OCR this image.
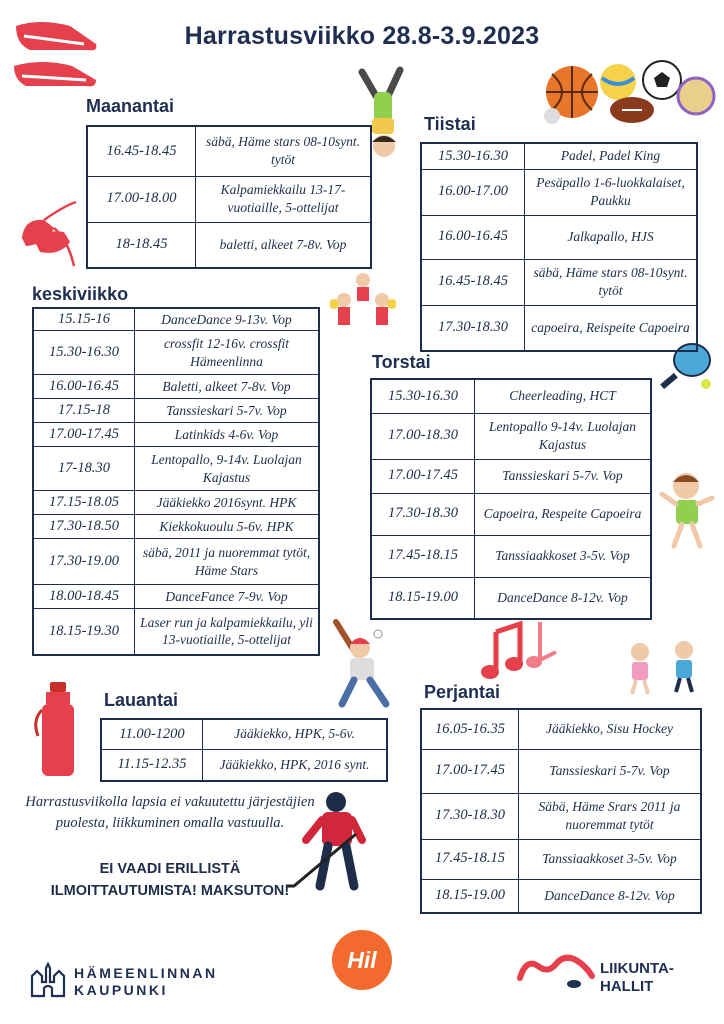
Harrastusviikko 28.8-3.9.2023
Maanantai
16.45-18.45	säbä, Häme stars 08-10synt. tytöt
17.00-18.00	Kalpamiekkailu 13-17-vuotiaille, 5-ottelijat
18-18.45	baletti, alkeet 7-8v. Vop
Tiistai
15.30-16.30	Padel, Padel King
16.00-17.00	Pesäpallo 1-6-luokkalaiset, Paukku
16.00-16.45	Jalkapallo, HJS
16.45-18.45	säbä, Häme stars 08-10synt. tytöt
17.30-18.30	capoeira, Reispeite Capoeira
keskiviikko
15.15-16	DanceDance 9-13v. Vop
15.30-16.30	crossfit 12-16v. crossfit Hämeenlinna
16.00-16.45	Baletti, alkeet 7-8v. Vop
17.15-18	Tanssieskari 5-7v. Vop
17.00-17.45	Latinkids 4-6v. Vop
17-18.30	Lentopallo, 9-14v. Luolajan Kajastus
17.15-18.05	Jääkiekko 2016synt. HPK
17.30-18.50	Kiekkokuoulu 5-6v. HPK
17.30-19.00	säbä, 2011 ja nuoremmat tytöt, Häme Stars
18.00-18.45	DanceFance 7-9v. Vop
18.15-19.30	Laser run ja kalpamiekkailu, yli 13-vuotiaille, 5-ottelijat
Torstai
15.30-16.30	Cheerleading, HCT
17.00-18.30	Lentopallo 9-14v. Luolajan Kajastus
17.00-17.45	Tanssieskari 5-7v. Vop
17.30-18.30	Capoeira, Respeite Capoeira
17.45-18.15	Tanssiaakkoset 3-5v. Vop
18.15-19.00	DanceDance 8-12v. Vop
Lauantai
11.00-1200	Jääkiekko, HPK, 5-6v.
11.15-12.35	Jääkiekko, HPK, 2016 synt.
Perjantai
16.05-16.35	Jääkiekko, Sisu Hockey
17.00-17.45	Tanssieskari 5-7v. Vop
17.30-18.30	Säbä, Häme Srars 2011 ja nuoremmat tytöt
17.45-18.15	Tanssiaakkoset 3-5v. Vop
18.15-19.00	DanceDance 8-12v. Vop
Harrastusviikolla lapsia ei vakuutettu järjestäjien puolesta, liikkuminen omalla vastuulla.
EI VAADI ERILLISTÄ
ILMOITTAUTUMISTA! MAKSUTON!
HÄMEENLINNAN
KAUPUNKI
Hil	LIIKUNTA-
HALLIT
